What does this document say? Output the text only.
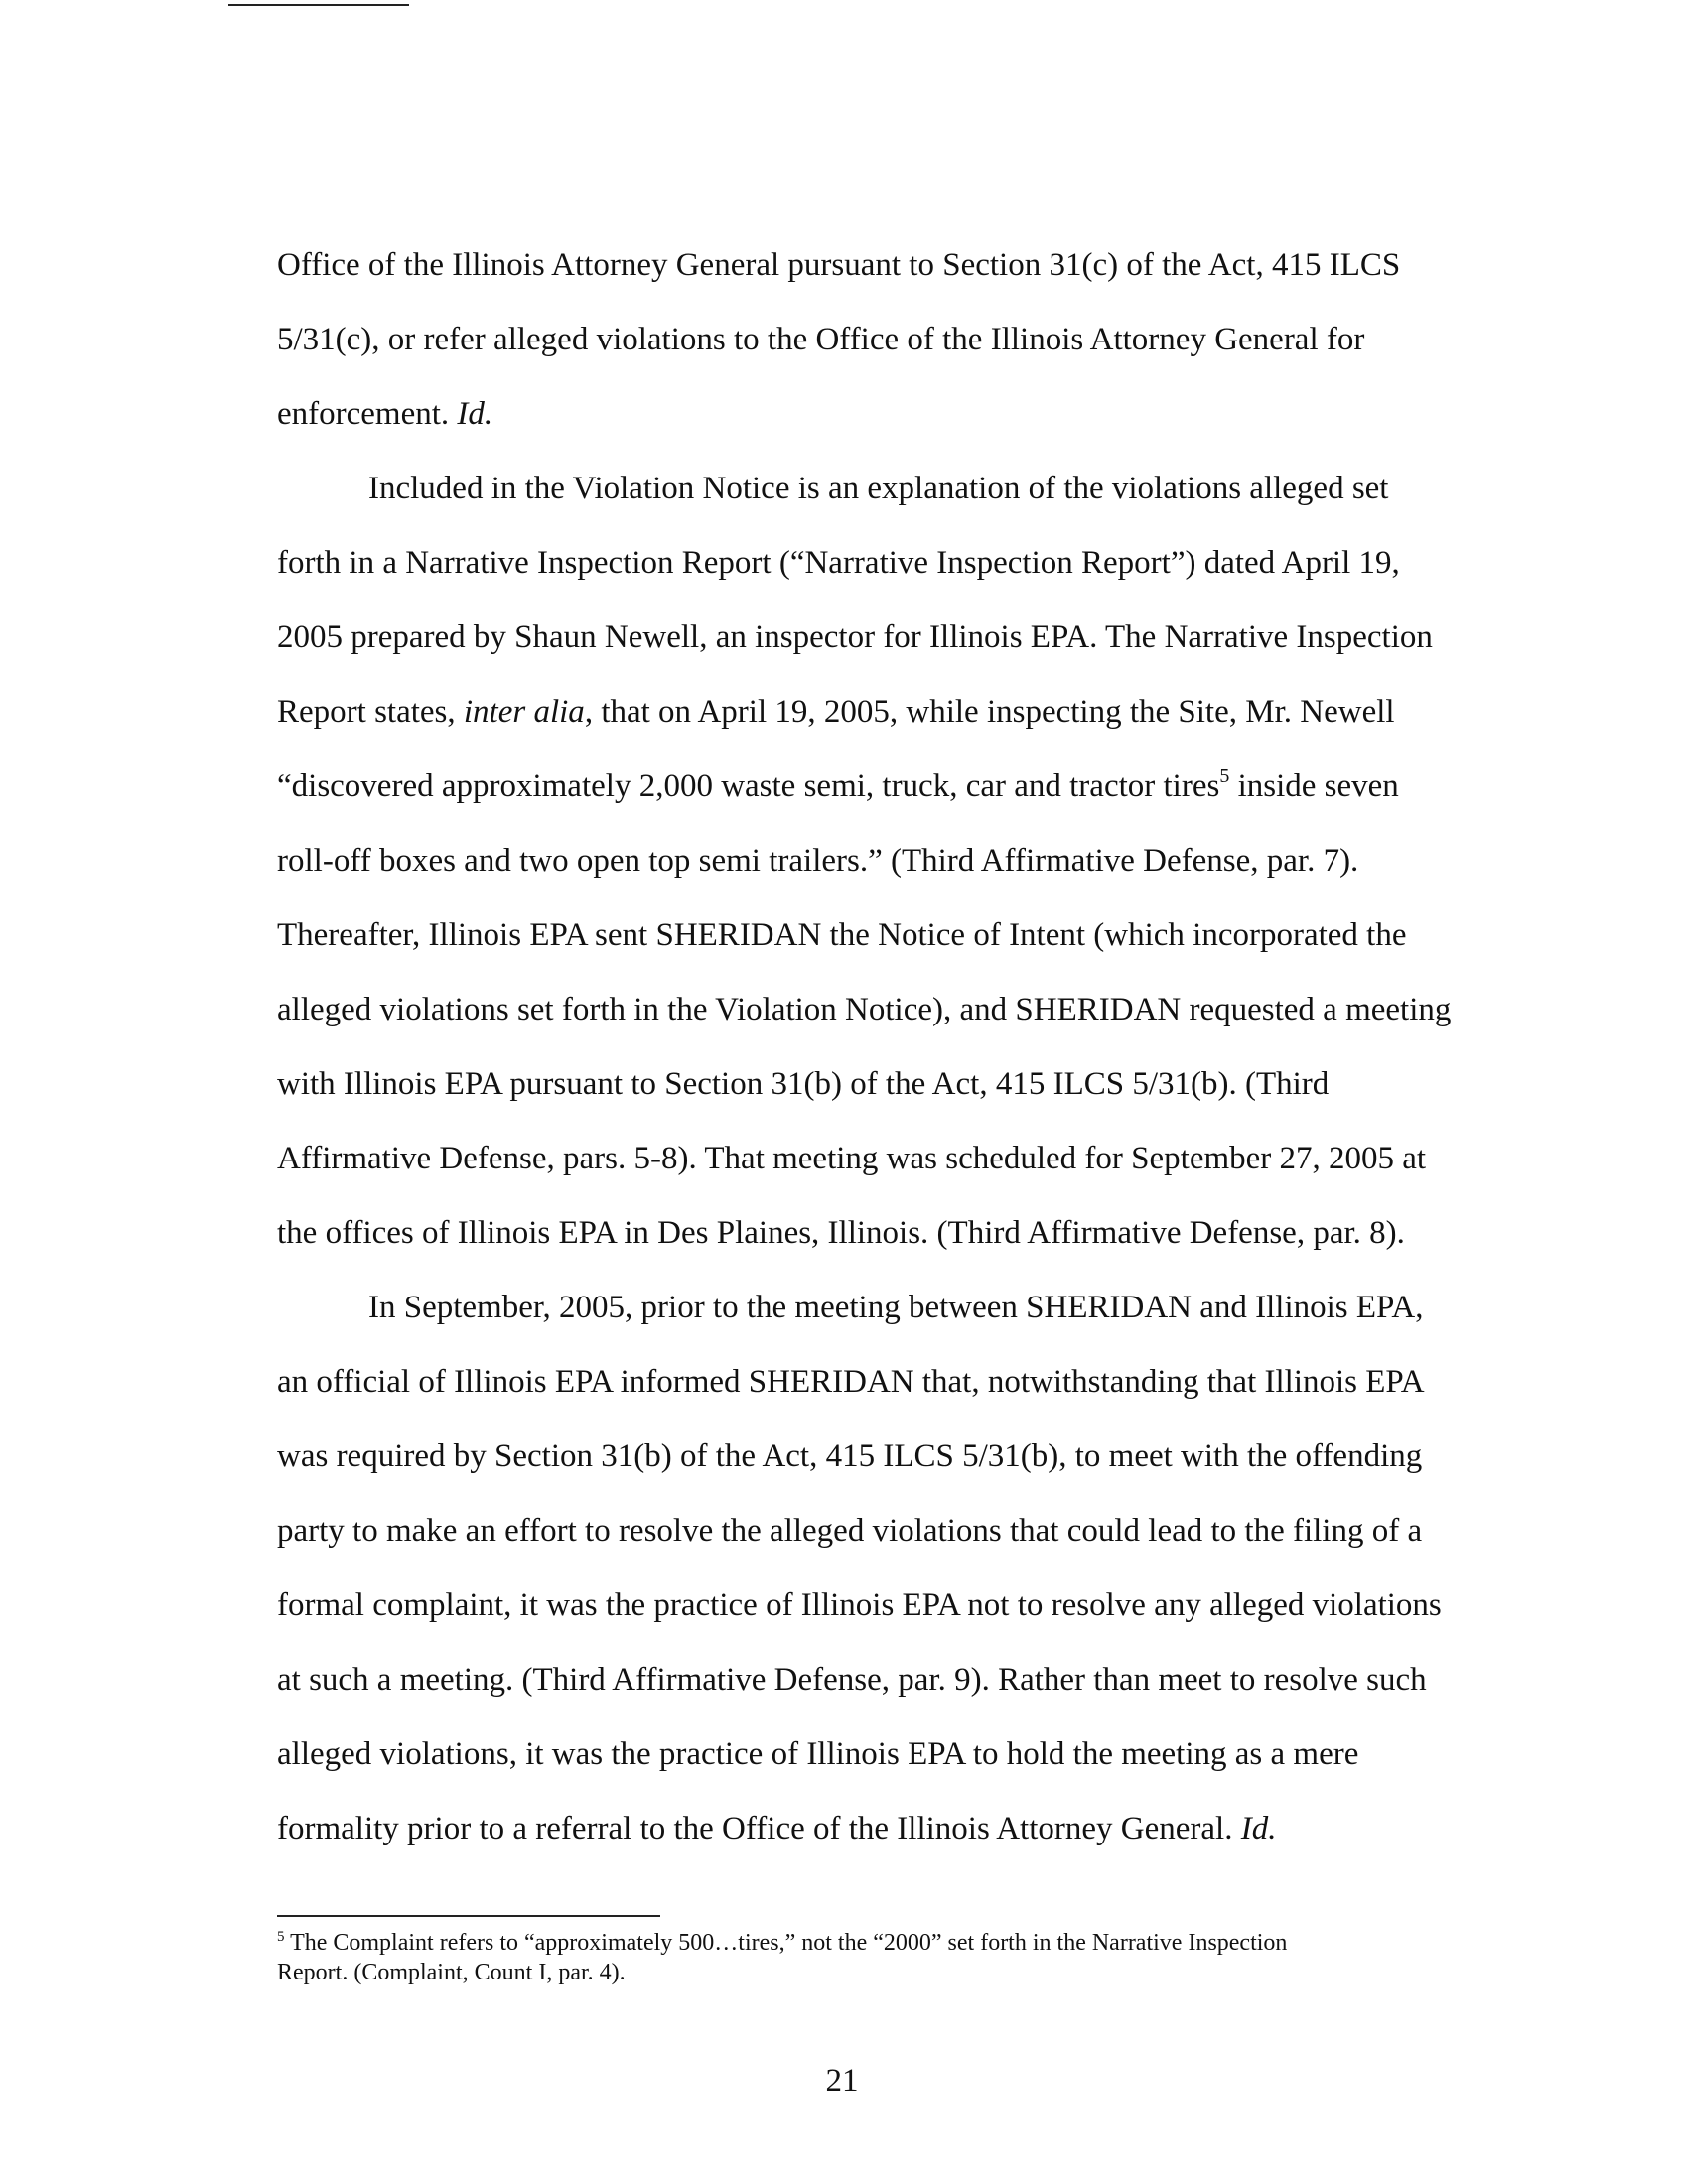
Office of the Illinois Attorney General pursuant to Section 31(c) of the Act, 415 ILCS
5/31(c), or refer alleged violations to the Office of the Illinois Attorney General for
enforcement. Id.
Included in the Violation Notice is an explanation of the violations alleged set
forth in a Narrative Inspection Report (“Narrative Inspection Report”) dated April 19,
2005 prepared by Shaun Newell, an inspector for Illinois EPA. The Narrative Inspection
Report states, inter alia, that on April 19, 2005, while inspecting the Site, Mr. Newell
“discovered approximately 2,000 waste semi, truck, car and tractor tires$^5$ inside seven
roll-off boxes and two open top semi trailers.” (Third Affirmative Defense, par. 7).
Thereafter, Illinois EPA sent SHERIDAN the Notice of Intent (which incorporated the
alleged violations set forth in the Violation Notice), and SHERIDAN requested a meeting
with Illinois EPA pursuant to Section 31(b) of the Act, 415 ILCS 5/31(b). (Third
Affirmative Defense, pars. 5-8). That meeting was scheduled for September 27, 2005 at
the offices of Illinois EPA in Des Plaines, Illinois. (Third Affirmative Defense, par. 8).
In September, 2005, prior to the meeting between SHERIDAN and Illinois EPA,
an official of Illinois EPA informed SHERIDAN that, notwithstanding that Illinois EPA
was required by Section 31(b) of the Act, 415 ILCS 5/31(b), to meet with the offending
party to make an effort to resolve the alleged violations that could lead to the filing of a
formal complaint, it was the practice of Illinois EPA not to resolve any alleged violations
at such a meeting. (Third Affirmative Defense, par. 9). Rather than meet to resolve such
alleged violations, it was the practice of Illinois EPA to hold the meeting as a mere
formality prior to a referral to the Office of the Illinois Attorney General. Id.
$^5$ The Complaint refers to “approximately 500…tires,” not the “2000” set forth in the Narrative Inspection
Report. (Complaint, Count I, par. 4).
21
